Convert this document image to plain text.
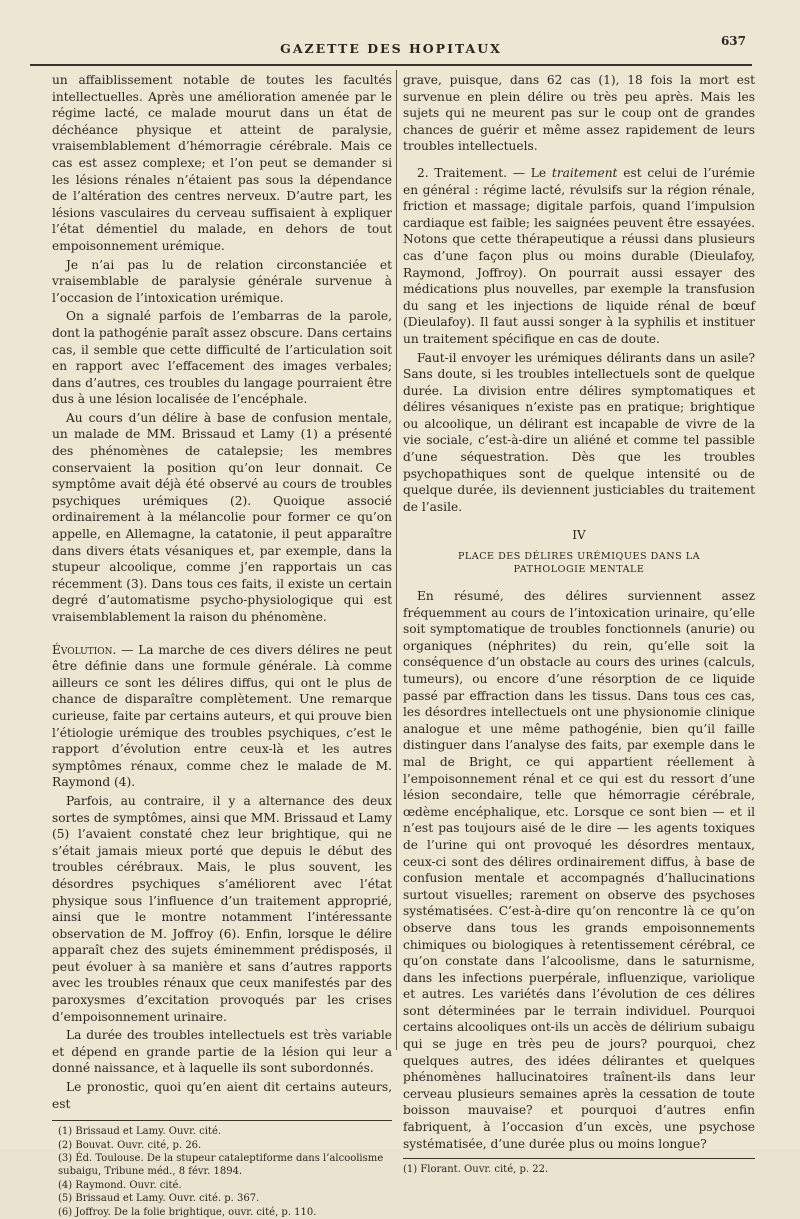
GAZETTE DES HOPITAUX	637

un affaiblissement notable de toutes les facultés intellectuelles. Après une amélioration amenée par le régime lacté, ce malade mourut dans un état de déchéance physique et atteint de paralysie, vraisemblablement d’hémorragie cérébrale. Mais ce cas est assez complexe; et l’on peut se demander si les lésions rénales n’étaient pas sous la dépendance de l’altération des centres nerveux. D’autre part, les lésions vasculaires du cerveau suffisaient à expliquer l’état démentiel du malade, en dehors de tout empoisonnement urémique.

Je n’ai pas lu de relation circonstanciée et vraisemblable de paralysie générale survenue à l’occasion de l’intoxication urémique.

On a signalé parfois de l’embarras de la parole, dont la pathogénie paraît assez obscure. Dans certains cas, il semble que cette difficulté de l’articulation soit en rapport avec l’effacement des images verbales; dans d’autres, ces troubles du langage pourraient être dus à une lésion localisée de l’encéphale.

Au cours d’un délire à base de confusion mentale, un malade de MM. Brissaud et Lamy (1) a présenté des phénomènes de catalepsie; les membres conservaient la position qu’on leur donnait. Ce symptôme avait déjà été observé au cours de troubles psychiques urémiques (2). Quoique associé ordinairement à la mélancolie pour former ce qu’on appelle, en Allemagne, la catatonie, il peut apparaître dans divers états vésaniques et, par exemple, dans la stupeur alcoolique, comme j’en rapportais un cas récemment (3). Dans tous ces faits, il existe un certain degré d’automatisme psycho-physiologique qui est vraisemblablement la raison du phénomène.

Évolution. — La marche de ces divers délires ne peut être définie dans une formule générale. Là comme ailleurs ce sont les délires diffus, qui ont le plus de chance de disparaître complètement. Une remarque curieuse, faite par certains auteurs, et qui prouve bien l’étiologie urémique des troubles psychiques, c’est le rapport d’évolution entre ceux-là et les autres symptômes rénaux, comme chez le malade de M. Raymond (4).

Parfois, au contraire, il y a alternance des deux sortes de symptômes, ainsi que MM. Brissaud et Lamy (5) l’avaient constaté chez leur brightique, qui ne s’était jamais mieux porté que depuis le début des troubles cérébraux. Mais, le plus souvent, les désordres psychiques s’améliorent avec l’état physique sous l’influence d’un traitement approprié, ainsi que le montre notamment l’intéressante observation de M. Joffroy (6). Enfin, lorsque le délire apparaît chez des sujets éminemment prédisposés, il peut évoluer à sa manière et sans d’autres rapports avec les troubles rénaux que ceux manifestés par des paroxysmes d’excitation provoqués par les crises d’empoisonnement urinaire.

La durée des troubles intellectuels est très variable et dépend en grande partie de la lésion qui leur a donné naissance, et à laquelle ils sont subordonnés.

Le pronostic, quoi qu’en aient dit certains auteurs, est

(1) Brissaud et Lamy. Ouvr. cité.
(2) Bouvat. Ouvr. cité, p. 26.
(3) Éd. Toulouse. De la stupeur cataleptiforme dans l’alcoolisme subaigu, Tribune méd., 8 févr. 1894.
(4) Raymond. Ouvr. cité.
(5) Brissaud et Lamy. Ouvr. cité. p. 367.
(6) Joffroy. De la folie brightique, ouvr. cité, p. 110.

grave, puisque, dans 62 cas (1), 18 fois la mort est survenue en plein délire ou très peu après. Mais les sujets qui ne meurent pas sur le coup ont de grandes chances de guérir et même assez rapidement de leurs troubles intellectuels.

2. Traitement. — Le traitement est celui de l’urémie en général : régime lacté, révulsifs sur la région rénale, friction et massage; digitale parfois, quand l’impulsion cardiaque est faible; les saignées peuvent être essayées. Notons que cette thérapeutique a réussi dans plusieurs cas d’une façon plus ou moins durable (Dieulafoy, Raymond, Joffroy). On pourrait aussi essayer des médications plus nouvelles, par exemple la transfusion du sang et les injections de liquide rénal de bœuf (Dieulafoy). Il faut aussi songer à la syphilis et instituer un traitement spécifique en cas de doute.

Faut-il envoyer les urémiques délirants dans un asile? Sans doute, si les troubles intellectuels sont de quelque durée. La division entre délires symptomatiques et délires vésaniques n’existe pas en pratique; brightique ou alcoolique, un délirant est incapable de vivre de la vie sociale, c’est-à-dire un aliéné et comme tel passible d’une séquestration. Dès que les troubles psychopathiques sont de quelque intensité ou de quelque durée, ils deviennent justiciables du traitement de l’asile.

IV
PLACE DES DÉLIRES URÉMIQUES DANS LA PATHOLOGIE MENTALE

En résumé, des délires surviennent assez fréquemment au cours de l’intoxication urinaire, qu’elle soit symptomatique de troubles fonctionnels (anurie) ou organiques (néphrites) du rein, qu’elle soit la conséquence d’un obstacle au cours des urines (calculs, tumeurs), ou encore d’une résorption de ce liquide passé par effraction dans les tissus. Dans tous ces cas, les désordres intellectuels ont une physionomie clinique analogue et une même pathogénie, bien qu’il faille distinguer dans l’analyse des faits, par exemple dans le mal de Bright, ce qui appartient réellement à l’empoisonnement rénal et ce qui est du ressort d’une lésion secondaire, telle que hémorragie cérébrale, œdème encéphalique, etc. Lorsque ce sont bien — et il n’est pas toujours aisé de le dire — les agents toxiques de l’urine qui ont provoqué les désordres mentaux, ceux-ci sont des délires ordinairement diffus, à base de confusion mentale et accompagnés d’hallucinations surtout visuelles; rarement on observe des psychoses systématisées. C’est-à-dire qu’on rencontre là ce qu’on observe dans tous les grands empoisonnements chimiques ou biologiques à retentissement cérébral, ce qu’on constate dans l’alcoolisme, dans le saturnisme, dans les infections puerpérale, influenzique, variolique et autres. Les variétés dans l’évolution de ces délires sont déterminées par le terrain individuel. Pourquoi certains alcooliques ont-ils un accès de délirium subaigu qui se juge en très peu de jours? pourquoi, chez quelques autres, des idées délirantes et quelques phénomènes hallucinatoires traînent-ils dans leur cerveau plusieurs semaines après la cessation de toute boisson mauvaise? et pourquoi d’autres enfin fabriquent, à l’occasion d’un excès, une psychose systématisée, d’une durée plus ou moins longue?

(1) Florant. Ouvr. cité, p. 22.
